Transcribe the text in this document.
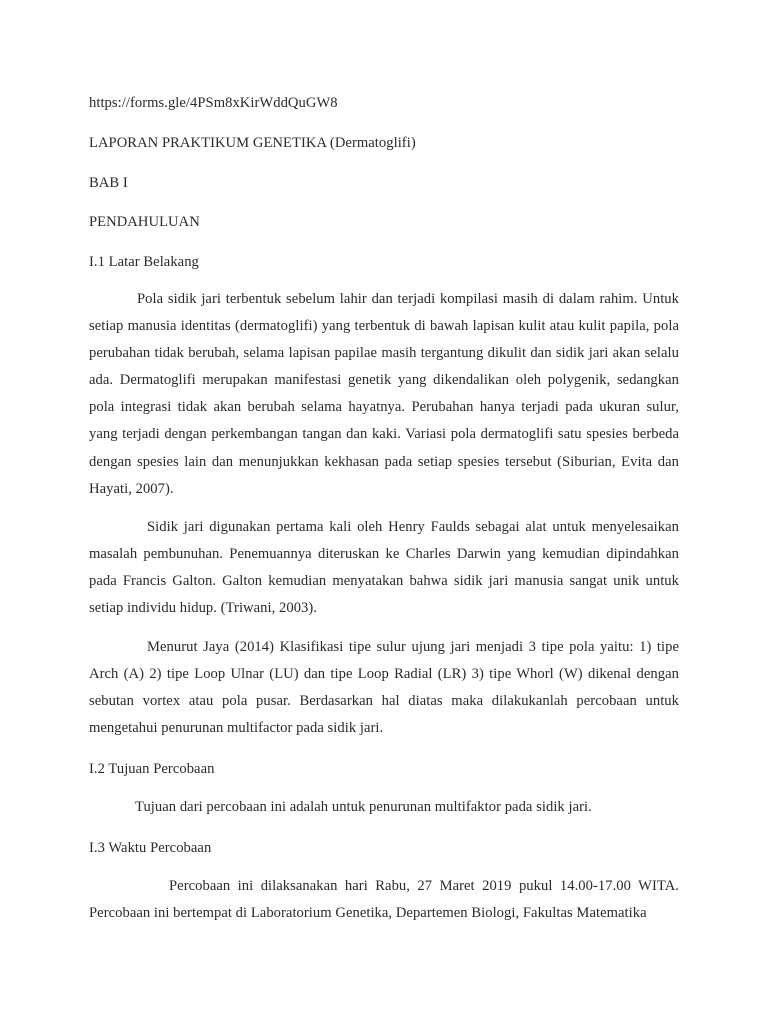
https://forms.gle/4PSm8xKirWddQuGW8
LAPORAN PRAKTIKUM GENETIKA (Dermatoglifi)
BAB I
PENDAHULUAN
I.1 Latar Belakang

Pola sidik jari terbentuk sebelum lahir dan terjadi kompilasi masih di dalam rahim. Untuk setiap manusia identitas (dermatoglifi) yang terbentuk di bawah lapisan kulit atau kulit papila, pola perubahan tidak berubah, selama lapisan papilae masih tergantung dikulit dan sidik jari akan selalu ada. Dermatoglifi merupakan manifestasi genetik yang dikendalikan oleh polygenik, sedangkan pola integrasi tidak akan berubah selama hayatnya. Perubahan hanya terjadi pada ukuran sulur, yang terjadi dengan perkembangan tangan dan kaki. Variasi pola dermatoglifi satu spesies berbeda dengan spesies lain dan menunjukkan kekhasan pada setiap spesies tersebut (Siburian, Evita dan Hayati, 2007).

Sidik jari digunakan pertama kali oleh Henry Faulds sebagai alat untuk menyelesaikan masalah pembunuhan. Penemuannya diteruskan ke Charles Darwin yang kemudian dipindahkan pada Francis Galton. Galton kemudian menyatakan bahwa sidik jari manusia sangat unik untuk setiap individu hidup. (Triwani, 2003).

Menurut Jaya (2014) Klasifikasi tipe sulur ujung jari menjadi 3 tipe pola yaitu: 1) tipe Arch (A) 2) tipe Loop Ulnar (LU) dan tipe Loop Radial (LR) 3) tipe Whorl (W) dikenal dengan sebutan vortex atau pola pusar. Berdasarkan hal diatas maka dilakukanlah percobaan untuk mengetahui penurunan multifactor pada sidik jari.

I.2 Tujuan Percobaan

Tujuan dari percobaan ini adalah untuk penurunan multifaktor pada sidik jari.

I.3 Waktu Percobaan

Percobaan ini dilaksanakan hari Rabu, 27 Maret 2019 pukul 14.00-17.00 WITA. Percobaan ini bertempat di Laboratorium Genetika, Departemen Biologi, Fakultas Matematika
